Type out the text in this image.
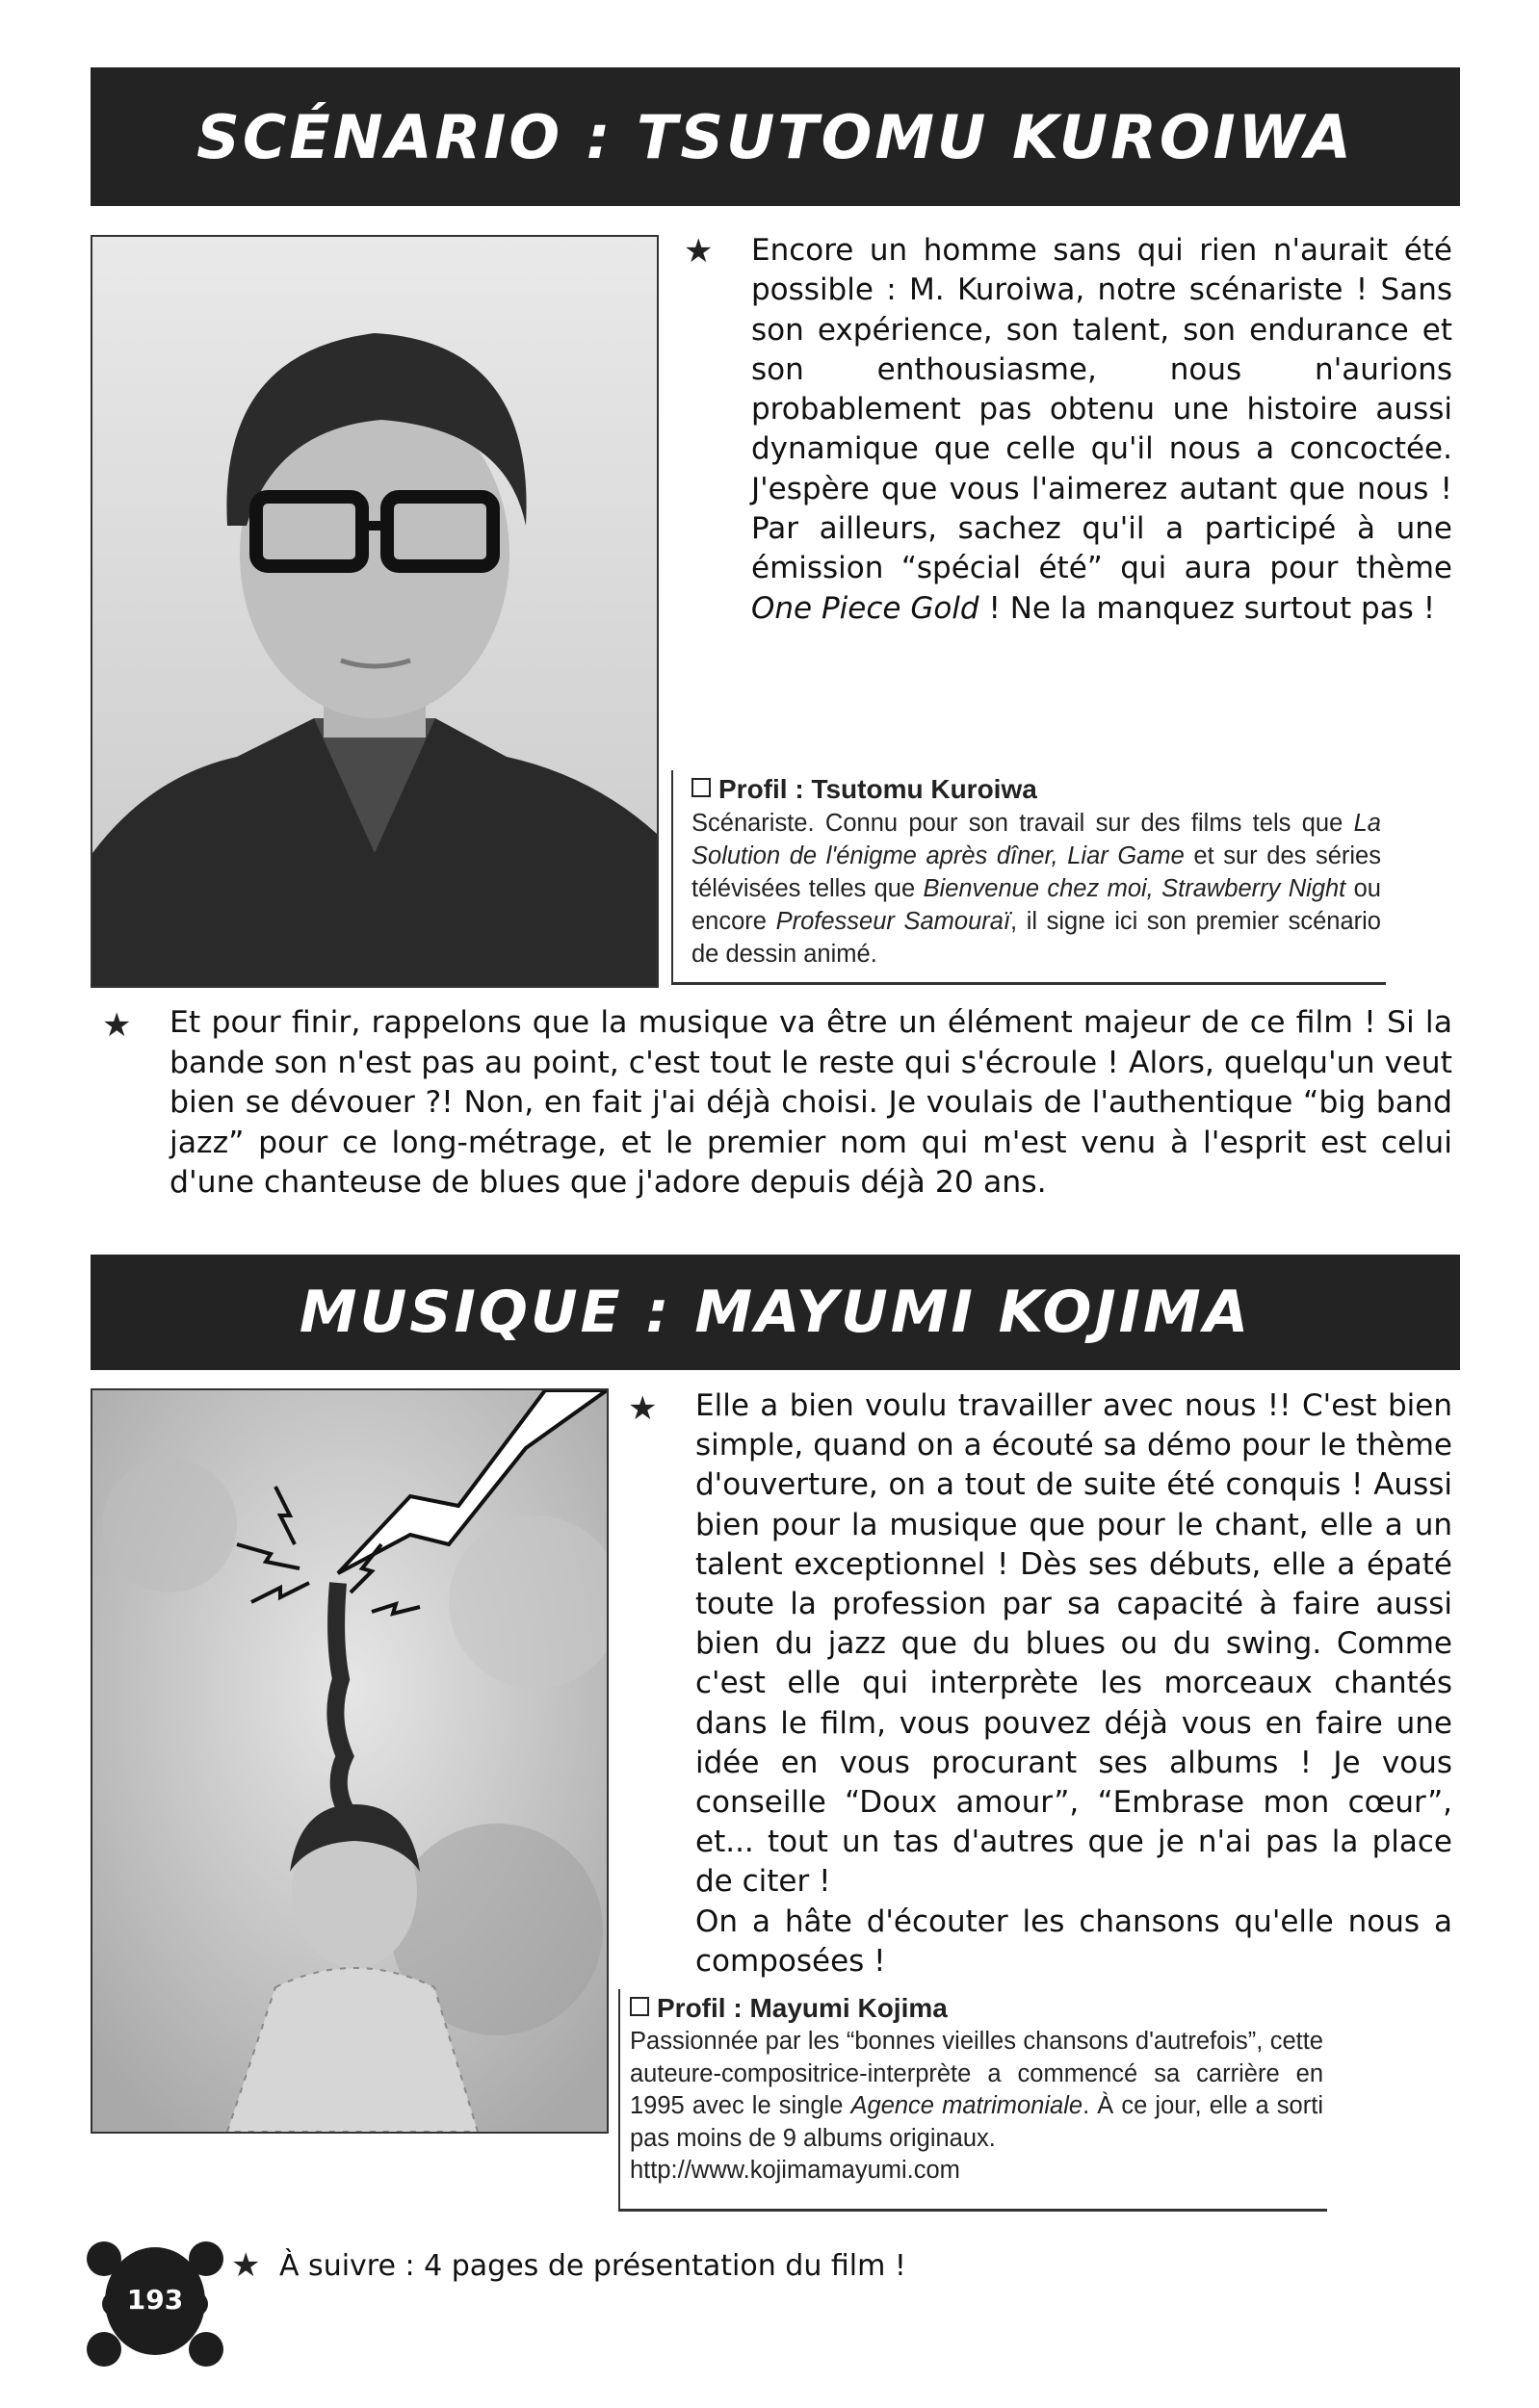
SCÉNARIO : TSUTOMU KUROIWA
★ Encore un homme sans qui rien n'aurait été possible : M. Kuroiwa, notre scénariste ! Sans son expérience, son talent, son endurance et son enthousiasme, nous n'aurions probablement pas obtenu une histoire aussi dynamique que celle qu'il nous a concoctée. J'espère que vous l'aimerez autant que nous ! Par ailleurs, sachez qu'il a participé à une émission “spécial été” qui aura pour thème One Piece Gold ! Ne la manquez surtout pas !
Profil : Tsutomu Kuroiwa
Scénariste. Connu pour son travail sur des films tels que La Solution de l'énigme après dîner, Liar Game et sur des séries télévisées telles que Bienvenue chez moi, Strawberry Night ou encore Professeur Samouraï, il signe ici son premier scénario de dessin animé.
★ Et pour finir, rappelons que la musique va être un élément majeur de ce film ! Si la bande son n'est pas au point, c'est tout le reste qui s'écroule ! Alors, quelqu'un veut bien se dévouer ?! Non, en fait j'ai déjà choisi. Je voulais de l'authentique “big band jazz” pour ce long-métrage, et le premier nom qui m'est venu à l'esprit est celui d'une chanteuse de blues que j'adore depuis déjà 20 ans.
MUSIQUE : MAYUMI KOJIMA
★ Elle a bien voulu travailler avec nous !! C'est bien simple, quand on a écouté sa démo pour le thème d'ouverture, on a tout de suite été conquis ! Aussi bien pour la musique que pour le chant, elle a un talent exceptionnel ! Dès ses débuts, elle a épaté toute la profession par sa capacité à faire aussi bien du jazz que du blues ou du swing. Comme c'est elle qui interprète les morceaux chantés dans le film, vous pouvez déjà vous en faire une idée en vous procurant ses albums ! Je vous conseille “Doux amour”, “Embrase mon cœur”, et... tout un tas d'autres que je n'ai pas la place de citer !
On a hâte d'écouter les chansons qu'elle nous a composées !
Profil : Mayumi Kojima
Passionnée par les “bonnes vieilles chansons d'autrefois”, cette auteure-compositrice-interprète a commencé sa carrière en 1995 avec le single Agence matrimoniale. À ce jour, elle a sorti pas moins de 9 albums originaux.
http://www.kojimamayumi.com
193
★ À suivre : 4 pages de présentation du film !
